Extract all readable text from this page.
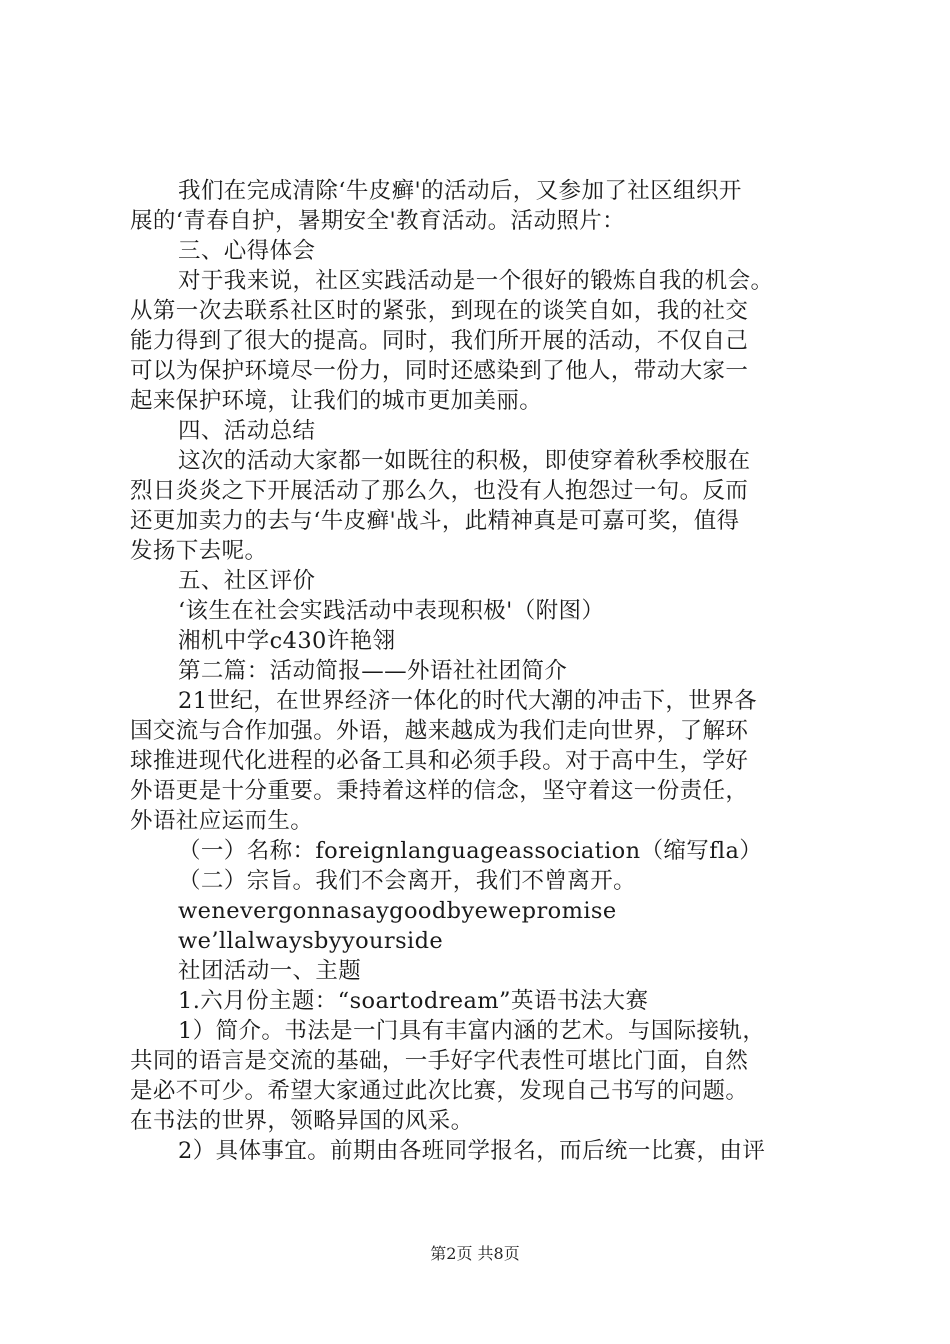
我们在完成清除‘牛皮癣'的活动后，又参加了社区组织开
展的‘青春自护，暑期安全'教育活动。活动照片：
三、心得体会
对于我来说，社区实践活动是一个很好的锻炼自我的机会。
从第一次去联系社区时的紧张，到现在的谈笑自如，我的社交
能力得到了很大的提高。同时，我们所开展的活动，不仅自己
可以为保护环境尽一份力，同时还感染到了他人，带动大家一
起来保护环境，让我们的城市更加美丽。
四、活动总结
这次的活动大家都一如既往的积极，即使穿着秋季校服在
烈日炎炎之下开展活动了那么久，也没有人抱怨过一句。反而
还更加卖力的去与‘牛皮癣'战斗，此精神真是可嘉可奖，值得
发扬下去呢。
五、社区评价
‘该生在社会实践活动中表现积极'（附图）
湘机中学c430许艳翎
第二篇：活动简报——外语社社团简介
21世纪，在世界经济一体化的时代大潮的冲击下，世界各
国交流与合作加强。外语，越来越成为我们走向世界，了解环
球推进现代化进程的必备工具和必须手段。对于高中生，学好
外语更是十分重要。秉持着这样的信念，坚守着这一份责任，
外语社应运而生。
（一）名称：foreignlanguageassociation（缩写fla）
（二）宗旨。我们不会离开，我们不曾离开。
wenevergonnasaygoodbyewepromise
we’llalwaysbyyourside
社团活动一、主题
1.六月份主题：“soartodream”英语书法大赛
1）简介。书法是一门具有丰富内涵的艺术。与国际接轨，
共同的语言是交流的基础，一手好字代表性可堪比门面，自然
是必不可少。希望大家通过此次比赛，发现自己书写的问题。
在书法的世界，领略异国的风采。
2）具体事宜。前期由各班同学报名，而后统一比赛，由评
第2页 共8页
